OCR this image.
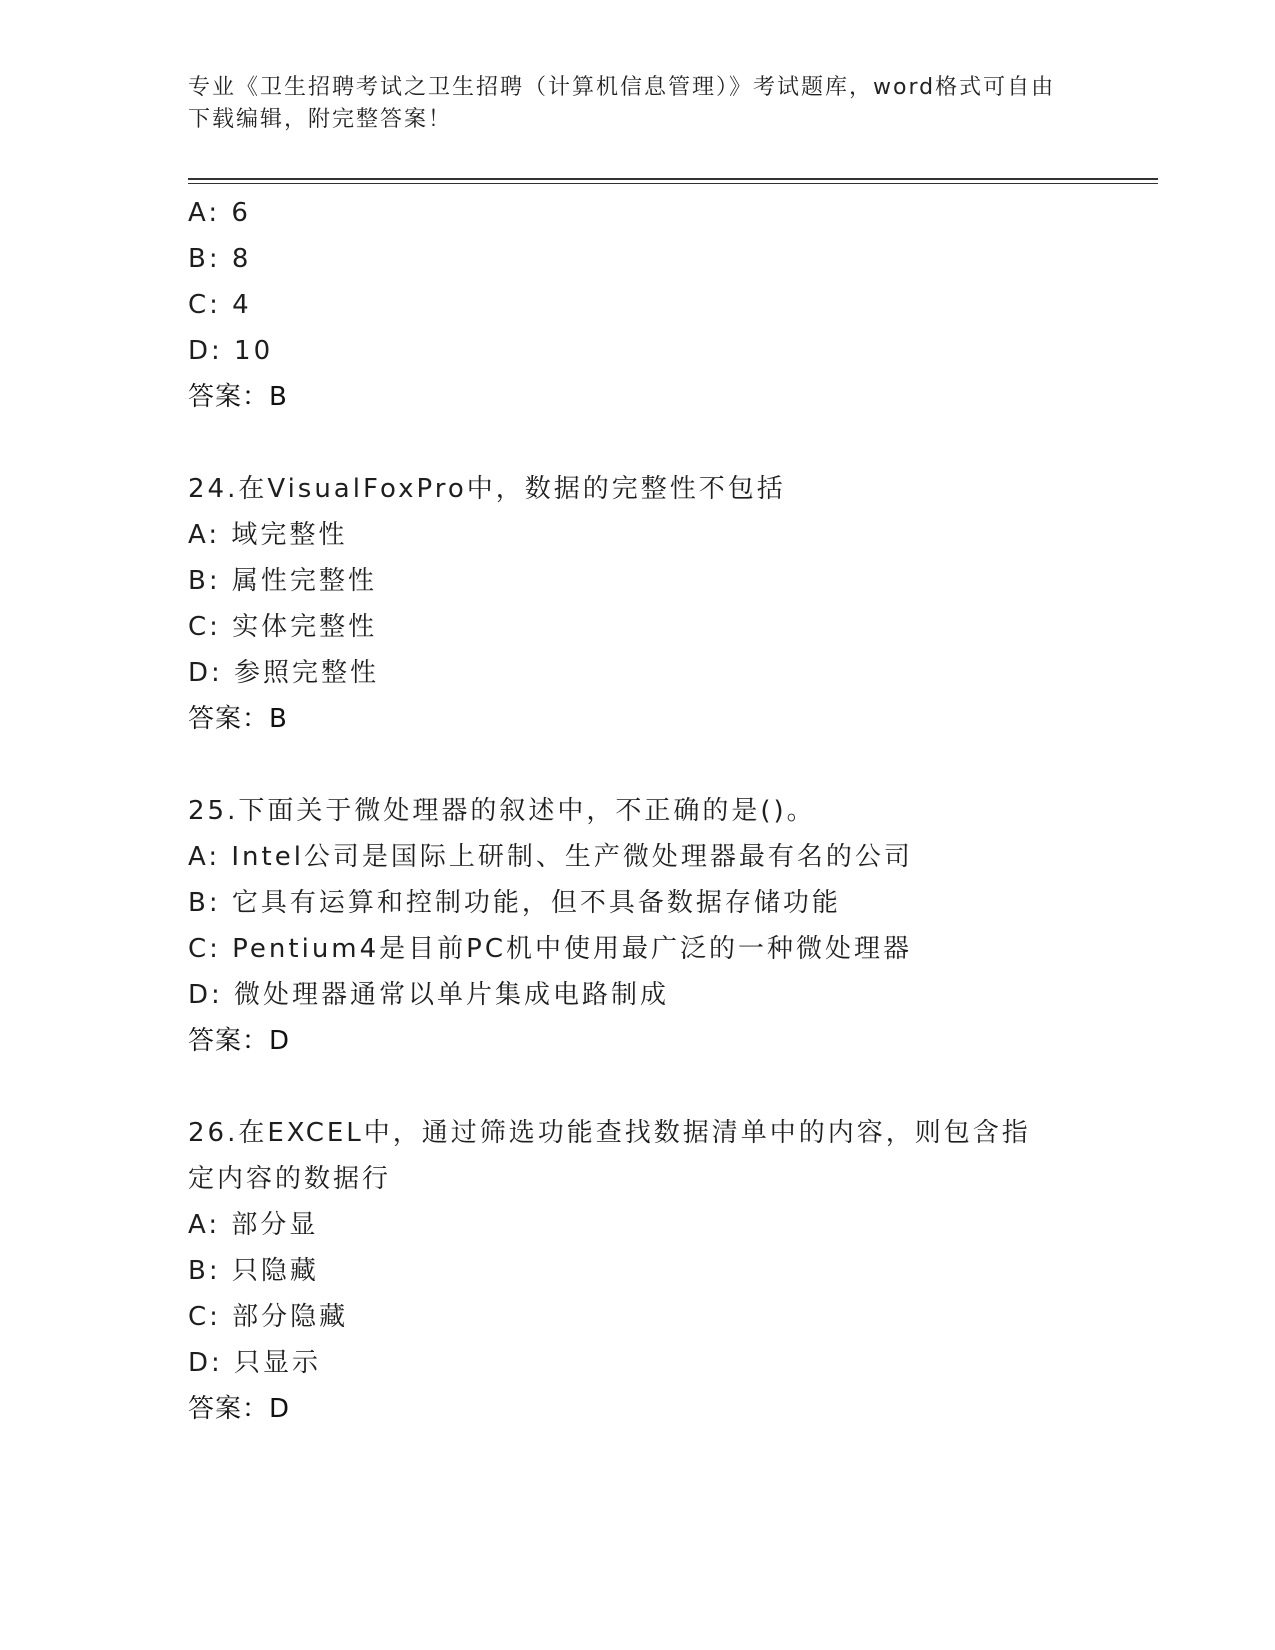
专业《卫生招聘考试之卫生招聘（计算机信息管理）》考试题库，word格式可自由下载编辑，附完整答案！
A: 6
B: 8
C: 4
D: 10
答案：B
24.在VisualFoxPro中，数据的完整性不包括
A: 域完整性
B: 属性完整性
C: 实体完整性
D: 参照完整性
答案：B
25.下面关于微处理器的叙述中，不正确的是()。
A: Intel公司是国际上研制、生产微处理器最有名的公司
B: 它具有运算和控制功能，但不具备数据存储功能
C: Pentium4是目前PC机中使用最广泛的一种微处理器
D: 微处理器通常以单片集成电路制成
答案：D
26.在EXCEL中，通过筛选功能查找数据清单中的内容，则包含指定内容的数据行
A: 部分显
B: 只隐藏
C: 部分隐藏
D: 只显示
答案：D
